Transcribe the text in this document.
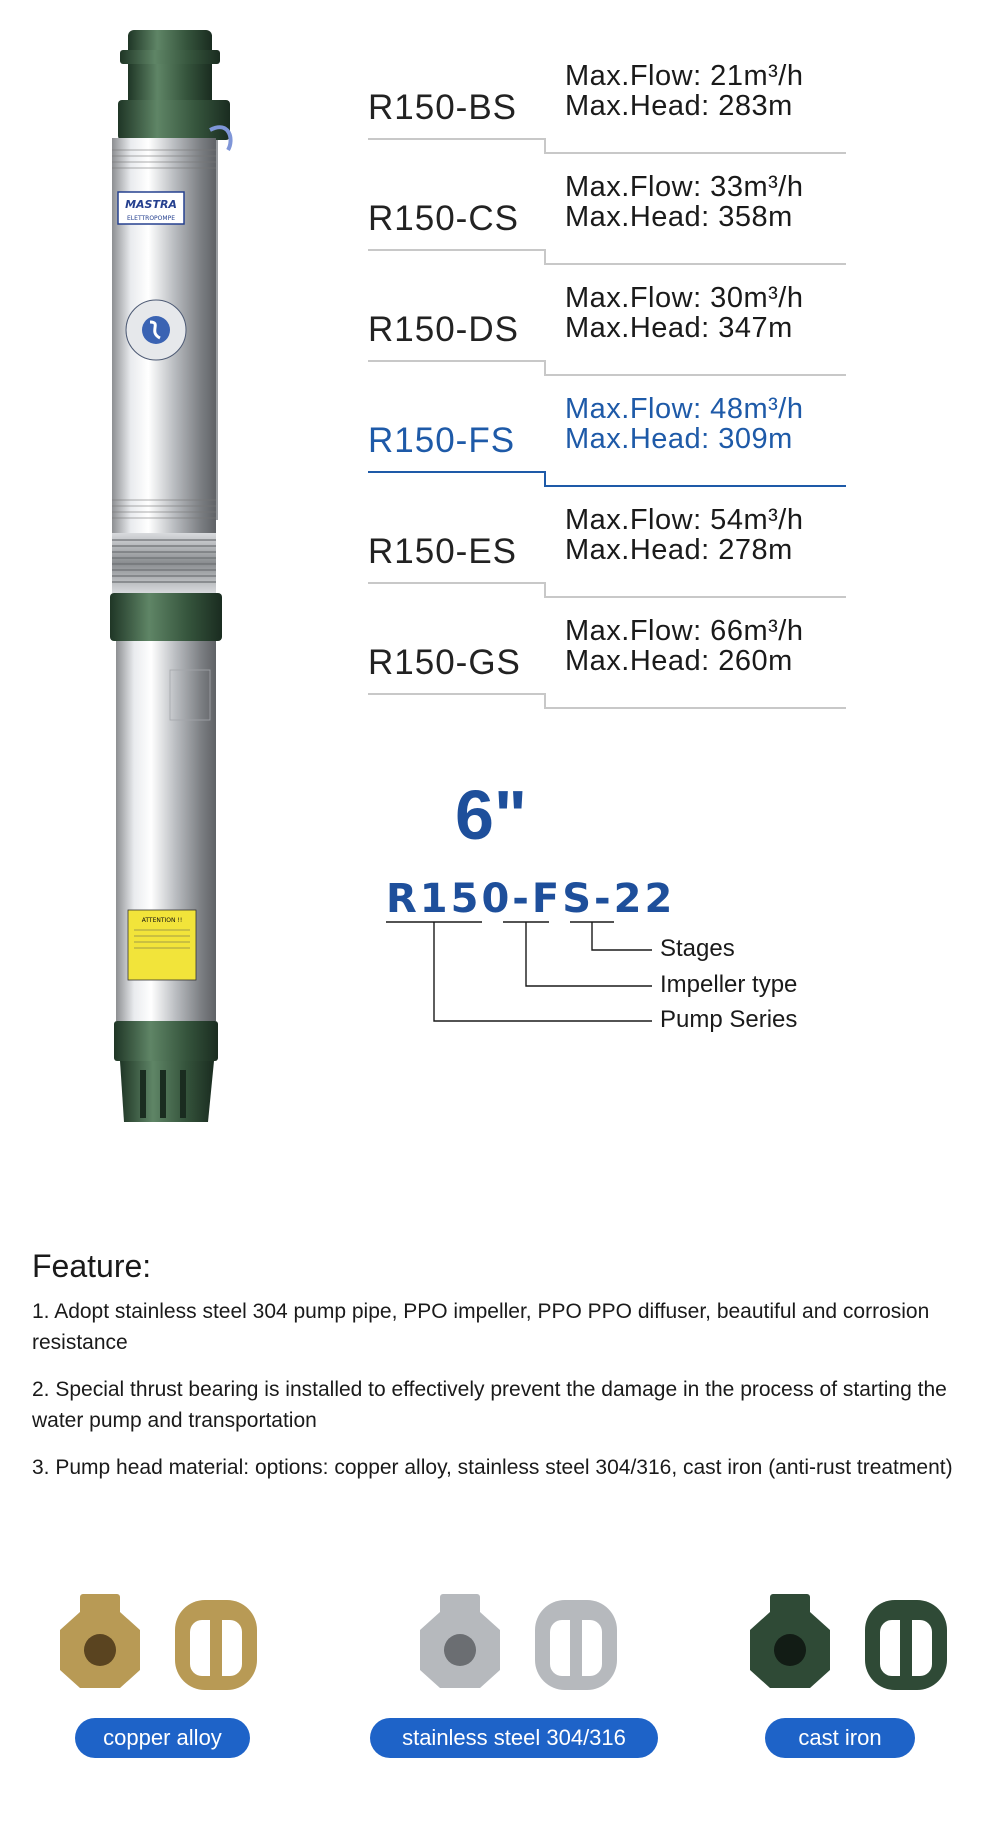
MASTRA
ELETTROPOMPE
ATTENTION !!
R150-BS
Max.Flow: 21m³/h
Max.Head: 283m
R150-CS
Max.Flow: 33m³/h
Max.Head: 358m
R150-DS
Max.Flow: 30m³/h
Max.Head: 347m
R150-FS
Max.Flow: 48m³/h
Max.Head: 309m
R150-ES
Max.Flow: 54m³/h
Max.Head: 278m
R150-GS
Max.Flow: 66m³/h
Max.Head: 260m
6"
R150-FS-22
Stages
Impeller type
Pump Series
Feature:
1. Adopt stainless steel 304 pump pipe, PPO impeller, PPO PPO diffuser, beautiful and corrosion resistance
2. Special thrust bearing is installed to effectively prevent the damage in the process of starting the water pump and transportation
3. Pump head material: options: copper alloy, stainless steel 304/316, cast iron (anti-rust treatment)
copper alloy	stainless steel 304/316	cast iron
